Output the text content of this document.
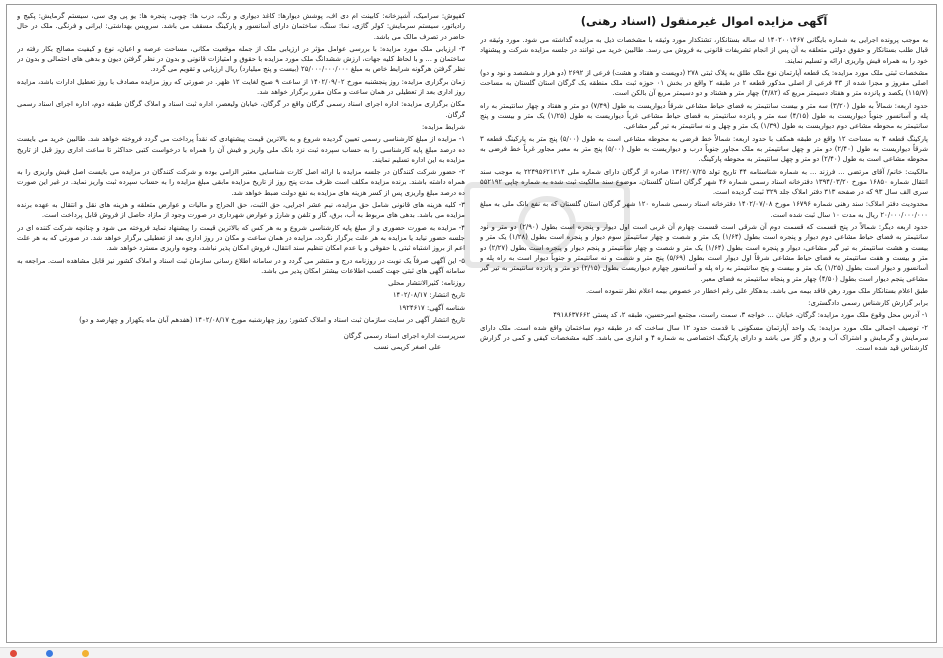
آگهی مزایده اموال غیرمنقول (اسناد رهنی)
به موجب پرونده اجرایی به شماره بایگانی ۱۴۰۲۰۰۱۴۶۷ له ساله بستانکار، تشتکذار مورد وثیقه با مشخصات ذیل به مزایده گذاشته می شود. مورد وثیقه در قبال طلب بستانکار و حقوق دولتی متعلقه به آن پس از انجام تشریفات قانونی به فروش می رسد. طالبین خرید می توانند در جلسه مزایده شرکت و پیشنهاد خود را به همراه فیش واریزی ارائه و تسلیم نمایند.
مشخصات ثبتی ملک مورد مزایده: یک قطعه آپارتمان نوع ملک طلق به پلاک ثبتی ۲۷۸ (دویست و هفتاد و هشت) فرعی از ۲۶۹۲ (دو هزار و ششصد و نود و دو) اصلی مفروز و مجزا شده از ۴۳ فرعی از اصلی مذکور قطعه ۲ در طبقه ۲ واقع در بخش ۰۱ حوزه ثبت ملک منطقه یک گرگان استان گلستان به مساحت (۱۱۵/۷) یکصد و پانزده متر و هفتاد دسیمتر مربع که (۴/۸۲) چهار متر و هشتاد و دو دسیمتر مربع آن بالکن است.
حدود اربعه: شمالاً به طول (۳/۲۰) سه متر و بیست سانتیمتر به فضای حیاط مشاعی شرقاً دیواریست به طول (۷/۴۹) دو متر و هفتاد و چهار سانتیمتر به راه پله و آسانسور جنوباً دیواریست به طول (۴/۱۵) سه متر و پانزده سانتیمتر به فضای حیاط مشاعی غرباً دیواریست به طول (۱/۲۵) یک متر و بیست و پنج سانتیمتر به محوطه مشاعی دوم دیواریست به طول (۱/۳۹) یک متر و چهل و نه سانتیمتر به تیر گیر مشاعی.
پارکینگ قطعه ۴ به مساحت ۱۲ واقع در طبقه همکف با حدود اربعه: شمالاً خط فرضی به محوطه مشاعی است به طول (۵/۰۰) پنج متر به پارکینگ قطعه ۳ شرقاً دیواریست به طول (۲/۴۰) دو متر و چهل سانتیمتر به ملک مجاور جنوباً درب و دیواریست به طول (۵/۰۰) پنج متر به معبر مجاور غرباً خط فرضی به محوطه مشاعی است به طول (۲/۴۰) دو متر و چهل سانتیمتر به محوطه پارکینگ.
مالکیت: خانم/ آقای مرتضی ... فرزند ... به شماره شناسنامه ۴۴ تاریخ تولد ۱۳۶۲/۰۷/۲۵ صادره از گرگان دارای شماره ملی ۲۲۴۹۵۶۲۱۲۱۴ به موجب سند انتقال شماره ۱۶۸۵۰ مورخ ۱۳۹۴/۰۳/۲۰ دفترخانه اسناد رسمی شماره ۴۶ شهر گرگان استان گلستان، موضوع سند مالکیت ثبت شده به شماره چاپی ۵۵۲۱۹۲ سری الف سال ۹۳ که در صفحه ۳۱۳ دفتر املاک جلد ۳۲۹ ثبت گردیده است.
محدودیت دفتر املاک: سند رهنی شماره ۱۶۷۹۶ مورخ ۱۴۰۲/۰۷/۰۸ دفترخانه اسناد رسمی شماره ۱۲۰ شهر گرگان استان گلستان که به نفع بانک ملی به مبلغ ۲۰/۰۰۰/۰۰۰/۰۰۰ ریال به مدت ۱۰ سال ثبت شده است.
حدود اربعه دیگر: شمالاً در پنج قسمت که قسمت دوم آن شرقی است قسمت چهارم آن غربی است اول دیوار و پنجره است بطول (۲/۹۰) دو متر و نود سانتیمتر به فضای حیاط مشاعی دوم دیوار و پنجره است بطول (۱/۶۴) یک متر و شصت و چهار سانتیمتر سوم دیوار و پنجره است بطول (۱/۲۸) یک متر و بیست و هشت سانتیمتر به تیر گیر مشاعی، دیوار و پنجره است بطول (۱/۶۴) یک متر و شصت و چهار سانتیمتر و پنجم دیوار و پنجره است بطول (۲/۲۷) دو متر و بیست و هفت سانتیمتر به فضای حیاط مشاعی شرقاً اول دیوار است بطول (۵/۶۹) پنج متر و شصت و نه سانتیمتر و جنوباً دیوار است به راه پله و آسانسور و دیوار است بطول (۱/۲۵) یک متر و بیست و پنج سانتیمتر به راه پله و آسانسور چهارم دیواریست بطول (۲/۱۵) دو متر و پانزده سانتیمتر به تیر گیر مشاعی پنجم دیوار است بطول (۴/۵۰) چهار متر و پنجاه سانتیمتر به فضای معبر.
طبق اعلام بستانکار ملک مورد رهن فاقد بیمه می باشد. بدهکار علی رغم اخطار در خصوص بیمه اعلام نظر ننموده است.
برابر گزارش کارشناس رسمی دادگستری:
۱- آدرس محل وقوع ملک مورد مزایده: گرگان، خیابان ... خواجه ۳، سمت راست، مجتمع امیرحسین، طبقه ۲، کد پستی ۴۹۱۸۶۳۷۶۶۲
۲- توصیف اجمالی ملک مورد مزایده: یک واحد آپارتمان مسکونی با قدمت حدود ۱۲ سال ساخت که در طبقه دوم ساختمان واقع شده است. ملک دارای سرمایش و گرمایش و اشتراک آب و برق و گاز می باشد و دارای پارکینگ اختصاصی به شماره ۴ و انباری می باشد. کلیه مشخصات کیفی و کمی در گزارش کارشناس قید شده است.
کفپوش: سرامیک، آشپزخانه: کابینت ام دی اف، پوشش دیوارها: کاغذ دیواری و رنگ، درب ها: چوبی، پنجره ها: یو پی وی سی، سیستم گرمایش: پکیج و رادیاتور، سیستم سرمایش: کولر گازی، نما: سنگ، ساختمان دارای آسانسور و پارکینگ مسقف می باشد. سرویس بهداشتی: ایرانی و فرنگی. ملک در حال حاضر در تصرف مالک می باشد.
۳- ارزیابی ملک مورد مزایده: با بررسی عوامل مؤثر در ارزیابی ملک از جمله موقعیت مکانی، مساحت عرصه و اعیان، نوع و کیفیت مصالح بکار رفته در ساختمان و ... و با لحاظ کلیه جهات، ارزش ششدانگ ملک مورد مزایده با حقوق و امتیازات قانونی و بدون در نظر گرفتن دیون و بدهی های احتمالی و بدون در نظر گرفتن هرگونه شرایط خاص به مبلغ ۲۵/۰۰۰/۰۰۰/۰۰۰ (بیست و پنج میلیارد) ریال ارزیابی و تقویم می گردد.
زمان برگزاری مزایده: روز پنجشنبه مورخ ۱۴۰۲/۰۹/۰۲ از ساعت ۹ صبح لغایت ۱۲ ظهر. در صورتی که روز مزایده مصادف با روز تعطیل ادارات باشد، مزایده روز اداری بعد از تعطیلی در همان ساعت و مکان مقرر برگزار خواهد شد.
مکان برگزاری مزایده: اداره اجرای اسناد رسمی گرگان واقع در گرگان، خیابان ولیعصر، اداره ثبت اسناد و املاک گرگان طبقه دوم، اداره اجرای اسناد رسمی گرگان.
شرایط مزایده:
۱- مزایده از مبلغ کارشناسی رسمی تعیین گردیده شروع و به بالاترین قیمت پیشنهادی که نقداً پرداخت می گردد فروخته خواهد شد. طالبین خرید می بایست ده درصد مبلغ پایه کارشناسی را به حساب سپرده ثبت نزد بانک ملی واریز و فیش آن را همراه با درخواست کتبی حداکثر تا ساعت اداری روز قبل از تاریخ مزایده به این اداره تسلیم نمایند.
۲- حضور شرکت کنندگان در جلسه مزایده با ارائه اصل کارت شناسایی معتبر الزامی بوده و شرکت کنندگان در مزایده می بایست اصل فیش واریزی را به همراه داشته باشند. برنده مزایده مکلف است ظرف مدت پنج روز از تاریخ مزایده مابقی مبلغ مزایده را به حساب سپرده ثبت واریز نماید. در غیر این صورت ده درصد مبلغ واریزی پس از کسر هزینه های مزایده به نفع دولت ضبط خواهد شد.
۳- کلیه هزینه های قانونی شامل حق مزایده، نیم عشر اجرایی، حق الثبت، حق الحراج و مالیات و عوارض متعلقه و هزینه های نقل و انتقال به عهده برنده مزایده می باشد. بدهی های مربوط به آب، برق، گاز و تلفن و شارژ و عوارض شهرداری در صورت وجود از مازاد حاصل از فروش قابل پرداخت است.
۴- مزایده به صورت حضوری و از مبلغ پایه کارشناسی شروع و به هر کس که بالاترین قیمت را پیشنهاد نماید فروخته می شود و چنانچه شرکت کننده ای در جلسه حضور نیابد یا مزایده به هر علت برگزار نگردد، مزایده در همان ساعت و مکان در روز اداری بعد از تعطیلی برگزار خواهد شد. در صورتی که به هر علت اعم از بروز اشتباه ثبتی یا حقوقی و یا عدم امکان تنظیم سند انتقال، فروش امکان پذیر نباشد، وجوه واریزی مسترد خواهد شد.
۵- این آگهی صرفاً یک نوبت در روزنامه درج و منتشر می گردد و در سامانه اطلاع رسانی سازمان ثبت اسناد و املاک کشور نیز قابل مشاهده است. مراجعه به سامانه آگهی های ثبتی جهت کسب اطلاعات بیشتر امکان پذیر می باشد.
روزنامه: کثیرالانتشار محلی
تاریخ انتشار: ۱۴۰۲/۰۸/۱۷
شناسه آگهی: ۱۹۲۴۶۱۷
تاریخ انتشار آگهی در سایت سازمان ثبت اسناد و املاک کشور: روز چهارشنبه مورخ ۱۴۰۲/۰۸/۱۷ (هفدهم آبان ماه یکهزار و چهارصد و دو)
سرپرست اداره اجرای اسناد رسمی گرگان
علی اصغر کریمی نسب
